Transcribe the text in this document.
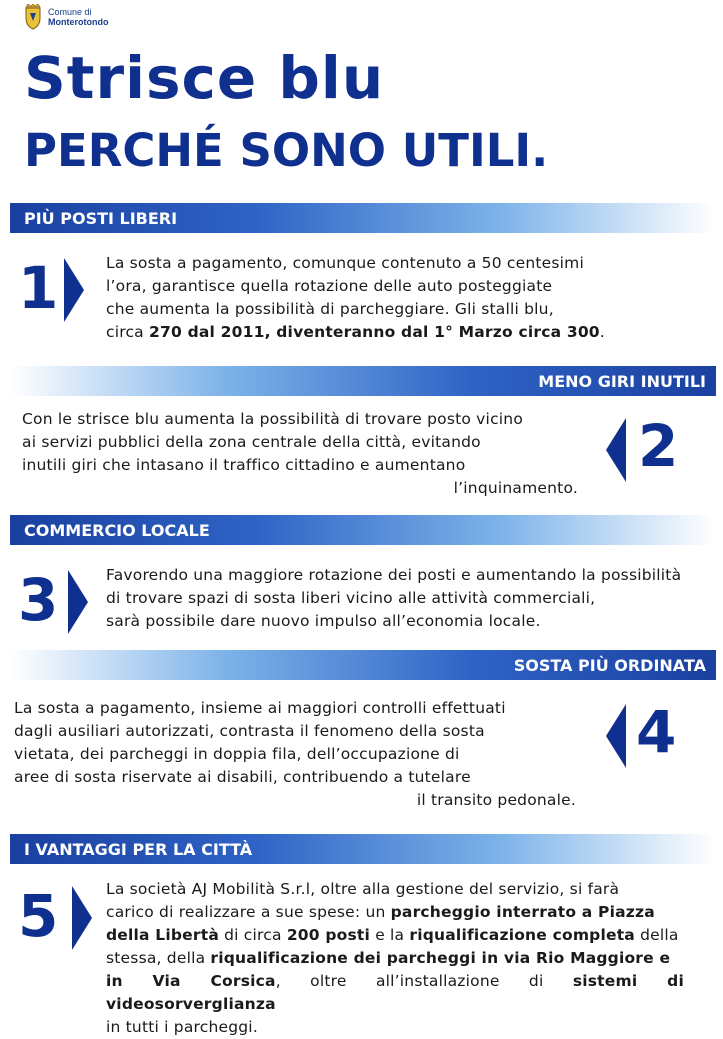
Comune di
Monterotondo
Strisce blu
PERCHÉ SONO UTILI.
PIÙ POSTI LIBERI
1	La sosta a pagamento, comunque contenuto a 50 centesimi
l’ora, garantisce quella rotazione delle auto posteggiate
che aumenta la possibilità di parcheggiare. Gli stalli blu,
circa 270 dal 2011, diventeranno dal 1° Marzo circa 300.
MENO GIRI INUTILI
Con le strisce blu aumenta la possibilità di trovare posto vicino
ai servizi pubblici della zona centrale della città, evitando
inutili giri che intasano il traffico cittadino e aumentano
l’inquinamento.
2
COMMERCIO LOCALE
3	Favorendo una maggiore rotazione dei posti e aumentando la possibilità
di trovare spazi di sosta liberi vicino alle attività commerciali,
sarà possibile dare nuovo impulso all’economia locale.
SOSTA PIÙ ORDINATA
La sosta a pagamento, insieme ai maggiori controlli effettuati
dagli ausiliari autorizzati, contrasta il fenomeno della sosta
vietata, dei parcheggi in doppia fila, dell’occupazione di
aree di sosta riservate ai disabili, contribuendo a tutelare
il transito pedonale.
4
I VANTAGGI PER LA CITTÀ
5	La società AJ Mobilità S.r.l, oltre alla gestione del servizio, si farà
carico di realizzare a sue spese: un parcheggio interrato a Piazza
della Libertà di circa 200 posti e la riqualificazione completa della
stessa, della riqualificazione dei parcheggi in via Rio Maggiore e
in Via Corsica, oltre all’installazione di sistemi di videosorverglianza
in tutti i parcheggi.
